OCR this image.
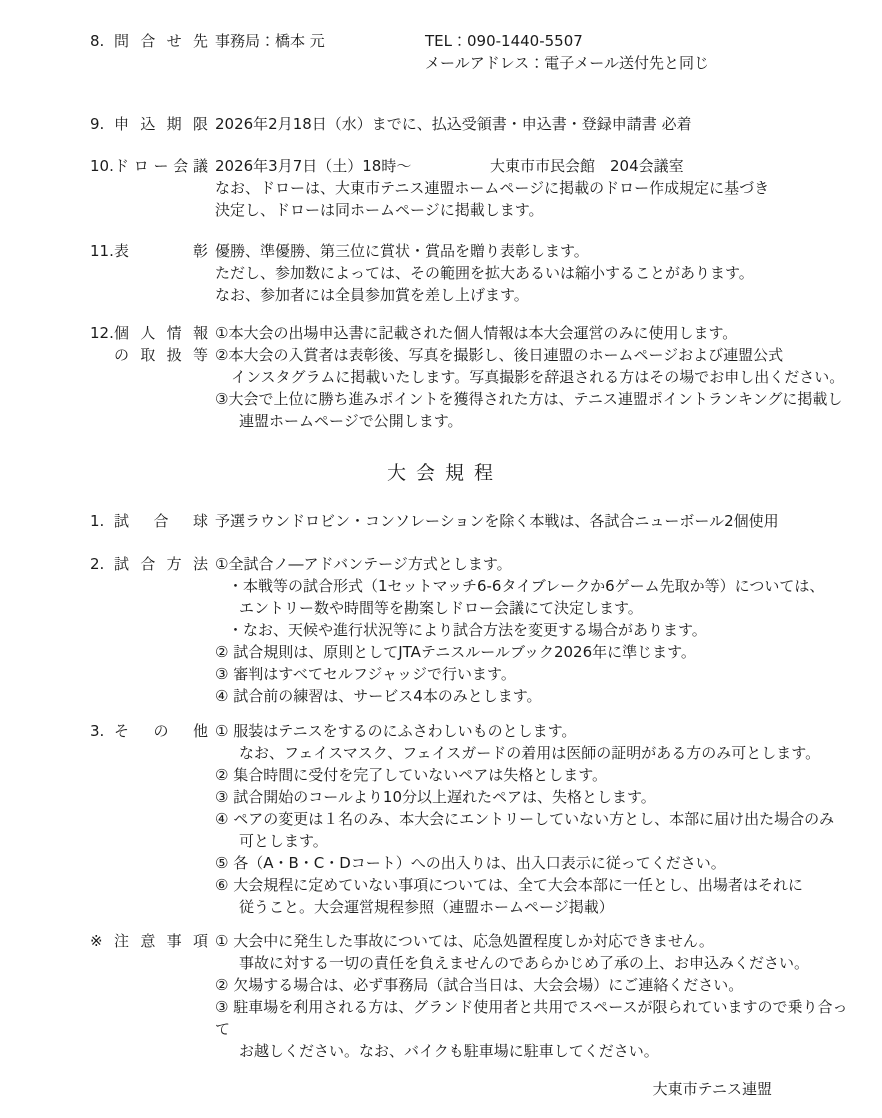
8. 問 合 せ 先 事務局：橋本 元	TEL：090-1440-5507
メールアドレス：電子メール送付先と同じ
9. 申 込 期 限 2026年2月18日（水）までに、払込受領書・申込書・登録申請書 必着
10. ドロー会議 2026年3月7日（土）18時～	大東市市民会館　204会議室
なお、ドローは、大東市テニス連盟ホームページに掲載のドロー作成規定に基づき
決定し、ドローは同ホームページに掲載します。
11. 表　　彰 優勝、準優勝、第三位に賞状・賞品を贈り表彰します。
ただし、参加数によっては、その範囲を拡大あるいは縮小することがあります。
なお、参加者には全員参加賞を差し上げます。
12. 個 人 情 報
の 取 扱 等
①本大会の出場申込書に記載された個人情報は本大会運営のみに使用します。
②本大会の入賞者は表彰後、写真を撮影し、後日連盟のホームページおよび連盟公式
インスタグラムに掲載いたします。写真撮影を辞退される方はその場でお申し出ください。
③大会で上位に勝ち進みポイントを獲得された方は、テニス連盟ポイントランキングに掲載し
連盟ホームページで公開します。
大 会 規 程
1. 試　合　球 予選ラウンドロビン・コンソレーションを除く本戦は、各試合ニューボール2個使用
2. 試 合 方 法 ①全試合ノ―アドバンテージ方式とします。
・本戦等の試合形式（1セットマッチ6-6タイブレークか6ゲーム先取か等）については、
エントリー数や時間等を勘案しドロー会議にて決定します。
・なお、天候や進行状況等により試合方法を変更する場合があります。
② 試合規則は、原則としてJTAテニスルールブック2026年に準じます。
③ 審判はすべてセルフジャッジで行います。
④ 試合前の練習は、サービス4本のみとします。
3. そ　の　他 ① 服装はテニスをするのにふさわしいものとします。
なお、フェイスマスク、フェイスガードの着用は医師の証明がある方のみ可とします。
② 集合時間に受付を完了していないペアは失格とします。
③ 試合開始のコールより10分以上遅れたペアは、失格とします。
④ ペアの変更は１名のみ、本大会にエントリーしていない方とし、本部に届け出た場合のみ
可とします。
⑤ 各（A・B・C・Dコート）への出入りは、出入口表示に従ってください。
⑥ 大会規程に定めていない事項については、全て大会本部に一任とし、出場者はそれに
従うこと。大会運営規程参照（連盟ホームページ掲載）
※ 注 意 事 項 ① 大会中に発生した事故については、応急処置程度しか対応できません。
事故に対する一切の責任を負えませんのであらかじめ了承の上、お申込みください。
② 欠場する場合は、必ず事務局（試合当日は、大会会場）にご連絡ください。
③ 駐車場を利用される方は、グランド使用者と共用でスペースが限られていますので乗り合って
お越しください。なお、バイクも駐車場に駐車してください。
大東市テニス連盟
